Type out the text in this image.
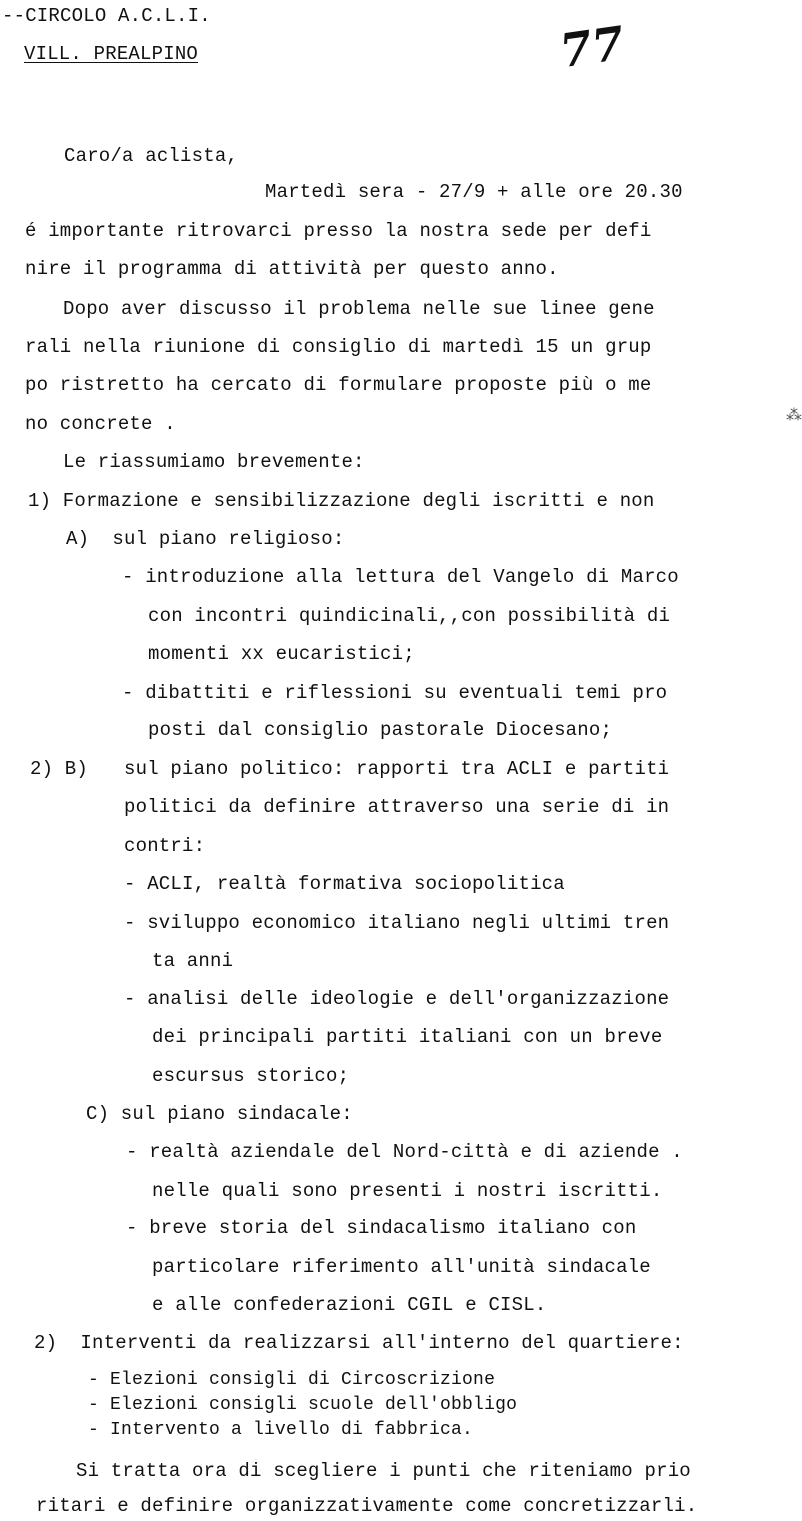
--CIRCOLO A.C.L.I.
VILL. PREALPINO	77
Caro/a aclista,
Martedì sera - 27/9 + alle ore 20.30
é importante ritrovarci presso la nostra sede per defi
nire il programma di attività per questo anno.
Dopo aver discusso il problema nelle sue linee gene
rali nella riunione di consiglio di martedì 15 un grup
po ristretto ha cercato di formulare proposte più o me
no concrete .
Le riassumiamo brevemente:
1) Formazione e sensibilizzazione degli iscritti e non
A)  sul piano religioso:
- introduzione alla lettura del Vangelo di Marco
con incontri quindicinali,,con possibilità di
momenti xx eucaristici;
- dibattiti e riflessioni su eventuali temi pro
posti dal consiglio pastorale Diocesano;
2) B) sul piano politico: rapporti tra ACLI e partiti
politici da definire attraverso una serie di in
contri:
- ACLI, realtà formativa sociopolitica
- sviluppo economico italiano negli ultimi tren
ta anni
- analisi delle ideologie e dell'organizzazione
dei principali partiti italiani con un breve
escursus storico;
C) sul piano sindacale:
- realtà aziendale del Nord-città e di aziende .
nelle quali sono presenti i nostri iscritti.
- breve storia del sindacalismo italiano con
particolare riferimento all'unità sindacale
e alle confederazioni CGIL e CISL.
2)  Interventi da realizzarsi all'interno del quartiere:
- Elezioni consigli di Circoscrizione
- Elezioni consigli scuole dell'obbligo
- Intervento a livello di fabbrica.
Si tratta ora di scegliere i punti che riteniamo prio
ritari e definire organizzativamente come concretizzarli.
⁂
